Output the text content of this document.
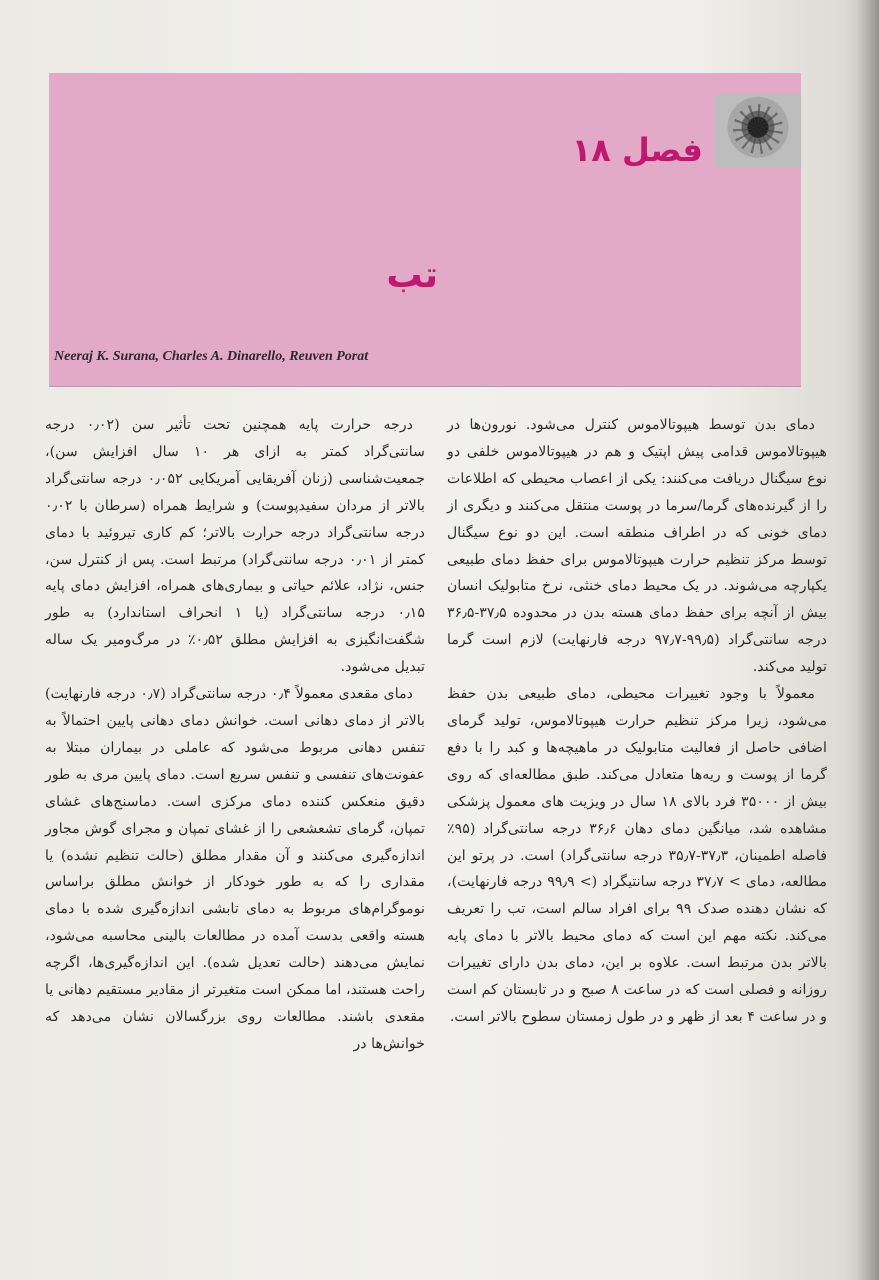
فصل ۱۸
تب
Neeraj K. Surana, Charles A. Dinarello, Reuven Porat

دمای بدن توسط هیپوتالاموس کنترل می‌شود. نورون‌ها در هیپوتالاموس قدامی پیش اپتیک و هم در هیپوتالاموس خلفی دو نوع سیگنال دریافت می‌کنند: یکی از اعصاب محیطی که اطلاعات را از گیرنده‌های گرما/سرما در پوست منتقل می‌کنند و دیگری از دمای خونی که در اطراف منطقه است. این دو نوع سیگنال توسط مرکز تنظیم حرارت هیپوتالاموس برای حفظ دمای طبیعی یکپارچه می‌شوند. در یک محیط دمای خنثی، نرخ متابولیک انسان بیش از آنچه برای حفظ دمای هسته بدن در محدوده ۳۷٫۵-۳۶٫۵ درجه سانتی‌گراد (۹۹٫۵-۹۷٫۷ درجه فارنهایت) لازم است گرما تولید می‌کند.

معمولاً با وجود تغییرات محیطی، دمای طبیعی بدن حفظ می‌شود، زیرا مرکز تنظیم حرارت هیپوتالاموس، تولید گرمای اضافی حاصل از فعالیت متابولیک در ماهیچه‌ها و کبد را با دفع گرما از پوست و ریه‌ها متعادل می‌کند. طبق مطالعه‌ای که روی بیش از ۳۵۰۰۰ فرد بالای ۱۸ سال در ویزیت های معمول پزشکی مشاهده شد، میانگین دمای دهان ۳۶٫۶ درجه سانتی‌گراد (۹۵٪ فاصله اطمینان، ۳۷٫۳-۳۵٫۷ درجه سانتی‌گراد) است. در پرتو این مطالعه، دمای > ۳۷٫۷ درجه سانتیگراد (> ۹۹٫۹ درجه فارنهایت)، که نشان دهنده صدک ۹۹ برای افراد سالم است، تب را تعریف می‌کند. نکته مهم این است که دمای محیط بالاتر با دمای پایه بالاتر بدن مرتبط است. علاوه بر این، دمای بدن دارای تغییرات روزانه و فصلی است که در ساعت ۸ صبح و در تابستان کم است و در ساعت ۴ بعد از ظهر و در طول زمستان سطوح بالاتر است.

درجه حرارت پایه همچنین تحت تأثیر سن (۰٫۰۲ درجه سانتی‌گراد کمتر به ازای هر ۱۰ سال افزایش سن)، جمعیت‌شناسی (زنان آفریقایی آمریکایی ۰٫۰۵۲ درجه سانتی‌گراد بالاتر از مردان سفیدپوست) و شرایط همراه (سرطان با ۰٫۰۲ درجه سانتی‌گراد درجه حرارت بالاتر؛ کم کاری تیروئید با دمای کمتر از ۰٫۰۱ درجه سانتی‌گراد) مرتبط است. پس از کنترل سن، جنس، نژاد، علائم حیاتی و بیماری‌های همراه، افزایش دمای پایه ۰٫۱۵ درجه سانتی‌گراد (یا ۱ انحراف استاندارد) به طور شگفت‌انگیزی به افزایش مطلق ۰٫۵۲٪ در مرگ‌ومیر یک ساله تبدیل می‌شود.

دمای مقعدی معمولاً ۰٫۴ درجه سانتی‌گراد (۰٫۷ درجه فارنهایت) بالاتر از دمای دهانی است. خوانش دمای دهانی پایین احتمالاً به تنفس دهانی مربوط می‌شود که عاملی در بیماران مبتلا به عفونت‌های تنفسی و تنفس سریع است. دمای پایین مری به طور دقیق منعکس کننده دمای مرکزی است. دماسنج‌های غشای تمپان، گرمای تشعشعی را از غشای تمپان و مجرای گوش مجاور اندازه‌گیری می‌کنند و آن مقدار مطلق (حالت تنظیم نشده) یا مقداری را که به طور خودکار از خوانش مطلق براساس نوموگرام‌های مربوط به دمای تابشی اندازه‌گیری شده با دمای هسته واقعی بدست آمده در مطالعات بالینی محاسبه می‌شود، نمایش می‌دهند (حالت تعدیل شده). این اندازه‌گیری‌ها، اگرچه راحت هستند، اما ممکن است متغیرتر از مقادیر مستقیم دهانی یا مقعدی باشند. مطالعات روی بزرگسالان نشان می‌دهد که خوانش‌ها در
